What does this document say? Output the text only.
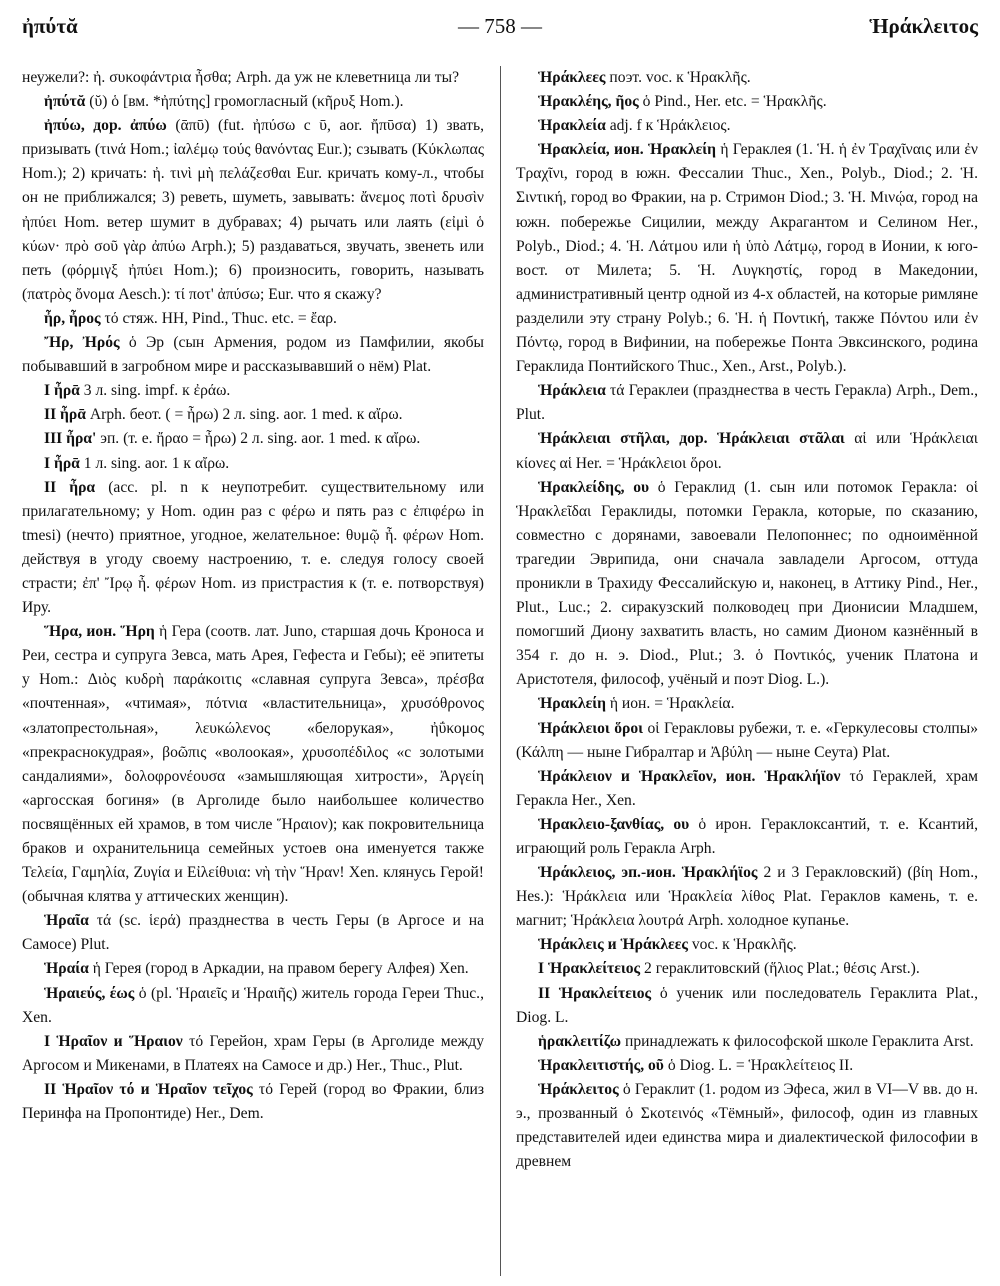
ἠπύτᾰ	— 758 —	Ἡράκλειτος

неужели?: ἠ. συκοφάντρια ἦσθα; Arph. да уж не клеветница ли ты?

ἠπύτᾰ (ῠ) ὁ [вм. *ἠπύτης] громогласный (κῆρυξ Hom.).

ἠπύω, дор. ἀπύω (ᾱπῡ) (fut. ἠπύσω с ῡ, aor. ἤπῡσα) 1) звать, призывать (τινά Hom.; ἰαλέμῳ τούς θανόντας Eur.); сзывать (Κύκλωπας Hom.); 2) кричать: ἠ. τινὶ μὴ πελάζεσθαι Eur. кричать кому-л., чтобы он не приближался; 3) реветь, шуметь, завывать: ἄνεμος ποτὶ δρυσὶν ἠπύει Hom. ветер шумит в дубравах; 4) рычать или лаять (εἰμὶ ὁ κύων· πρὸ σοῦ γὰρ ἀπύω Arph.); 5) раздаваться, звучать, звенеть или петь (φόρμιγξ ἠπύει Hom.); 6) произносить, говорить, называть (πατρὸς ὄνομα Aesch.): τί ποτ' ἀπύσω; Eur. что я скажу?

ἦρ, ἦρος τό стяж. HH, Pind., Thuc. etc. = ἔαρ.

Ἤρ, Ἠρός ὁ Эр (сын Армения, родом из Памфилии, якобы побывавший в загробном мире и рассказывавший о нём) Plat.

I ἦρᾱ 3 л. sing. impf. к ἐράω.

II ἦρᾱ Arph. беот. ( = ἦρω) 2 л. sing. aor. 1 med. к αἴρω.

III ἦρα' эп. (т. е. ἤραο = ἦρω) 2 л. sing. aor. 1 med. к αἴρω.

I ἦρᾱ 1 л. sing. aor. 1 к αἴρω.

II ἦρα (acc. pl. n к неупотребит. существительному или прилагательному; у Hom. один раз с φέρω и пять раз с ἐπιφέρω in tmesi) (нечто) приятное, угодное, желательное: θυμῷ ἦ. φέρων Hom. действуя в угоду своему настроению, т. е. следуя голосу своей страсти; ἐπ' Ἴρῳ ἦ. φέρων Hom. из пристрастия к (т. е. потворствуя) Иру.

Ἥρα, ион. Ἥρη ἡ Гера (соотв. лат. Juno, старшая дочь Кроноса и Реи, сестра и супруга Зевса, мать Арея, Гефеста и Гебы); её эпитеты у Hom.: Διὸς κυδρὴ παράκοιτις «славная супруга Зевса», πρέσβα «почтенная», «чтимая», πότνια «властительница», χρυσόθρονος «златопрестольная», λευκώλενος «белорукая», ἠΰκομος «прекраснокудрая», βοῶπις «волоокая», χρυσοπέδιλος «с золотыми сандалиями», δολοφρονέουσα «замышляющая хитрости», Ἀργείη «аргосская богиня» (в Арголиде было наибольшее количество посвящённых ей храмов, в том числе Ἥραιον); как покровительница браков и охранительница семейных устоев она именуется также Τελεία, Γαμηλία, Ζυγία и Εἰλείθυια: νὴ τὴν Ἥραν! Xen. клянусь Герой! (обычная клятва у аттических женщин).

Ἡραῖα τά (sc. ἱερά) празднества в честь Геры (в Аргосе и на Самосе) Plut.

Ἡραία ἡ Герея (город в Аркадии, на правом берегу Алфея) Xen.

Ἡραιεύς, έως ὁ (pl. Ἡραιεῖς и Ἡραιῆς) житель города Гереи Thuc., Xen.

I Ἡραῖον и Ἥραιον τό Герейон, храм Геры (в Арголиде между Аргосом и Микенами, в Платеях на Самосе и др.) Her., Thuc., Plut.

II Ἡραῖον τό и Ἡραῖον τεῖχος τό Герей (город во Фракии, близ Перинфа на Пропонтиде) Her., Dem.

Ἡράκλεες поэт. voc. к Ἡρακλῆς.

Ἡρακλέης, ῆος ὁ Pind., Her. etc. = Ἡρακλῆς.

Ἡρακλεία adj. f к Ἡράκλειος.

Ἡρακλεία, ион. Ἡρακλείη ἡ Гераклея (1. Ἡ. ἡ ἐν Τραχῖναις или ἐν Τραχῖνι, город в южн. Фессалии Thuc., Xen., Polyb., Diod.; 2. Ἡ. Σιντική, город во Фракии, на р. Стримон Diod.; 3. Ἡ. Μινῴα, город на южн. побережье Сицилии, между Акрагантом и Селином Her., Polyb., Diod.; 4. Ἡ. Λάτμου или ἡ ὑπὸ Λάτμῳ, город в Ионии, к юго-вост. от Милета; 5. Ἡ. Λυγκηστίς, город в Македонии, административный центр одной из 4-х областей, на которые римляне разделили эту страну Polyb.; 6. Ἡ. ἡ Ποντική, также Πόντου или ἐν Πόντῳ, город в Вифинии, на побережье Понта Эвксинского, родина Гераклида Понтийского Thuc., Xen., Arst., Polyb.).

Ἡράκλεια τά Гераклеи (празднества в честь Геракла) Arph., Dem., Plut.

Ἡράκλειαι στῆλαι, дор. Ἡράκλειαι στᾶλαι αἱ или Ἡράκλειαι κίονες αἱ Her. = Ἡράκλειοι ὅροι.

Ἡρακλείδης, ου ὁ Гераклид (1. сын или потомок Геракла: οἱ Ἡρακλεῖδαι Гераклиды, потомки Геракла, которые, по сказанию, совместно с дорянами, завоевали Пелопоннес; по одноимённой трагедии Эврипида, они сначала завладели Аргосом, оттуда проникли в Трахиду Фессалийскую и, наконец, в Аттику Pind., Her., Plut., Luc.; 2. сиракузский полководец при Дионисии Младшем, помогший Диону захватить власть, но самим Дионом казнённый в 354 г. до н. э. Diod., Plut.; 3. ὁ Ποντικός, ученик Платона и Аристотеля, философ, учёный и поэт Diog. L.).

Ἡρακλείη ἡ ион. = Ἡρακλεία.

Ἡράκλειοι ὅροι οἱ Геракловы рубежи, т. е. «Геркулесовы столпы» (Κάλπη — ныне Гибралтар и Ἀβύλη — ныне Сеута) Plat.

Ἡράκλειον и Ἡρακλεῖον, ион. Ἡρακλήϊον τό Гераклей, храм Геракла Her., Xen.

Ἡρακλειο-ξανθίας, ου ὁ ирон. Гераклоксантий, т. е. Ксантий, играющий роль Геракла Arph.

Ἡράκλειος, эп.-ион. Ἡρακλήϊος 2 и 3 Геракловский) (βίη Hom., Hes.): Ἡράκλεια или Ἡρακλεία λίθος Plat. Гераклов камень, т. е. магнит; Ἡράκλεια λουτρά Arph. холодное купанье.

Ἡράκλεις и Ἡράκλεες voc. к Ἡρακλῆς.

I Ἡρακλείτειος 2 гераклитовский (ἥλιος Plat.; θέσις Arst.).

II Ἡρακλείτειος ὁ ученик или последователь Гераклита Plat., Diog. L.

ἡρακλειτίζω принадлежать к философской школе Гераклита Arst.

Ἡρακλειτιστής, οῦ ὁ Diog. L. = Ἡρακλείτειος II.

Ἡράκλειτος ὁ Гераклит (1. родом из Эфеса, жил в VI—V вв. до н. э., прозванный ὁ Σκοτεινός «Тёмный», философ, один из главных представителей идеи единства мира и диалектической философии в древнем
